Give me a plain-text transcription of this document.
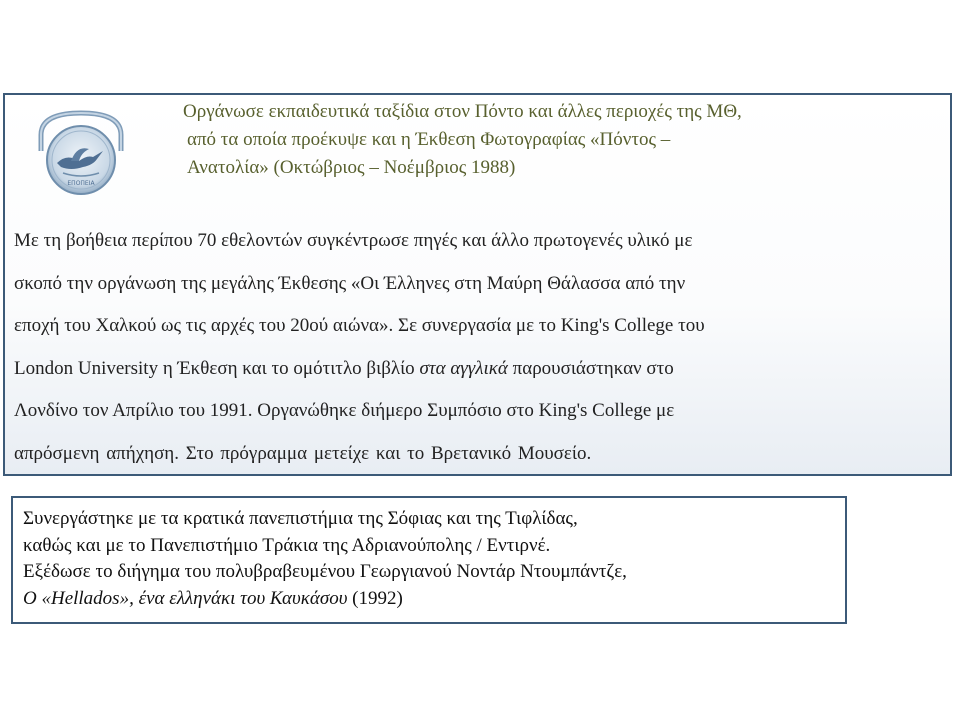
ΕΠΟΠΕΙΑ

Οργάνωσε εκπαιδευτικά ταξίδια στον Πόντο και άλλες περιοχές της ΜΘ,
από τα οποία προέκυψε και η Έκθεση Φωτογραφίας «Πόντος –
Ανατολία» (Οκτώβριος – Νοέμβριος 1988)

Με τη βοήθεια περίπου 70 εθελοντών συγκέντρωσε πηγές και άλλο πρωτογενές υλικό με
σκοπό την οργάνωση της μεγάλης Έκθεσης «Οι Έλληνες στη Μαύρη Θάλασσα από την
εποχή του Χαλκού ως τις αρχές του 20ού αιώνα». Σε συνεργασία με το King's College του
London University η Έκθεση και το ομότιτλο βιβλίο στα αγγλικά παρουσιάστηκαν στο
Λονδίνο τον Απρίλιο του 1991. Οργανώθηκε διήμερο Συμπόσιο στο King's College με
απρόσμενη απήχηση. Στο πρόγραμμα μετείχε και το Βρετανικό Μουσείο.

Συνεργάστηκε με τα κρατικά πανεπιστήμια της Σόφιας και της Τιφλίδας,
καθώς και με το Πανεπιστήμιο Τράκια της Αδριανούπολης / Εντιρνέ.
Εξέδωσε το διήγημα του πολυβραβευμένου Γεωργιανού Νοντάρ Ντουμπάντζε,
Ο «Hellados», ένα ελληνάκι του Καυκάσου (1992)
